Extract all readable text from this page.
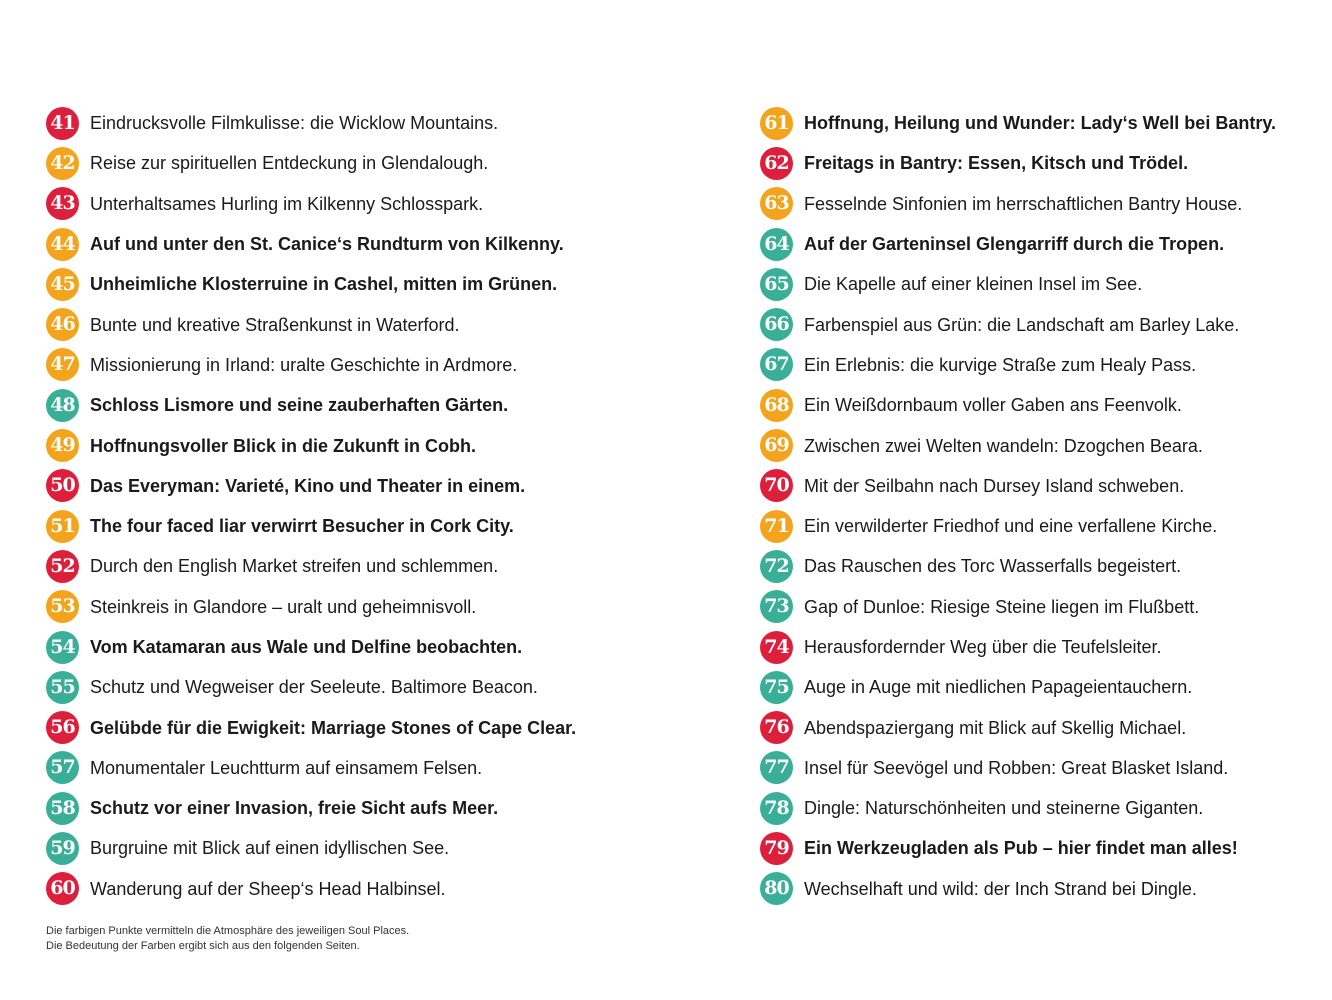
41 Eindrucksvolle Filmkulisse: die Wicklow Mountains.
42 Reise zur spirituellen Entdeckung in Glendalough.
43 Unterhaltsames Hurling im Kilkenny Schlosspark.
44 Auf und unter den St. Canice‘s Rundturm von Kilkenny.
45 Unheimliche Klosterruine in Cashel, mitten im Grünen.
46 Bunte und kreative Straßenkunst in Waterford.
47 Missionierung in Irland: uralte Geschichte in Ardmore.
48 Schloss Lismore und seine zauberhaften Gärten.
49 Hoffnungsvoller Blick in die Zukunft in Cobh.
50 Das Everyman: Varieté, Kino und Theater in einem.
51 The four faced liar verwirrt Besucher in Cork City.
52 Durch den English Market streifen und schlemmen.
53 Steinkreis in Glandore – uralt und geheimnisvoll.
54 Vom Katamaran aus Wale und Delfine beobachten.
55 Schutz und Wegweiser der Seeleute. Baltimore Beacon.
56 Gelübde für die Ewigkeit: Marriage Stones of Cape Clear.
57 Monumentaler Leuchtturm auf einsamem Felsen.
58 Schutz vor einer Invasion, freie Sicht aufs Meer.
59 Burgruine mit Blick auf einen idyllischen See.
60 Wanderung auf der Sheep‘s Head Halbinsel.
61 Hoffnung, Heilung und Wunder: Lady‘s Well bei Bantry.
62 Freitags in Bantry: Essen, Kitsch und Trödel.
63 Fesselnde Sinfonien im herrschaftlichen Bantry House.
64 Auf der Garteninsel Glengarriff durch die Tropen.
65 Die Kapelle auf einer kleinen Insel im See.
66 Farbenspiel aus Grün: die Landschaft am Barley Lake.
67 Ein Erlebnis: die kurvige Straße zum Healy Pass.
68 Ein Weißdornbaum voller Gaben ans Feenvolk.
69 Zwischen zwei Welten wandeln: Dzogchen Beara.
70 Mit der Seilbahn nach Dursey Island schweben.
71 Ein verwilderter Friedhof und eine verfallene Kirche.
72 Das Rauschen des Torc Wasserfalls begeistert.
73 Gap of Dunloe: Riesige Steine liegen im Flußbett.
74 Herausfordernder Weg über die Teufelsleiter.
75 Auge in Auge mit niedlichen Papageientauchern.
76 Abendspaziergang mit Blick auf Skellig Michael.
77 Insel für Seevögel und Robben: Great Blasket Island.
78 Dingle: Naturschönheiten und steinerne Giganten.
79 Ein Werkzeugladen als Pub – hier findet man alles!
80 Wechselhaft und wild: der Inch Strand bei Dingle.
Die farbigen Punkte vermitteln die Atmosphäre des jeweiligen Soul Places.
Die Bedeutung der Farben ergibt sich aus den folgenden Seiten.
